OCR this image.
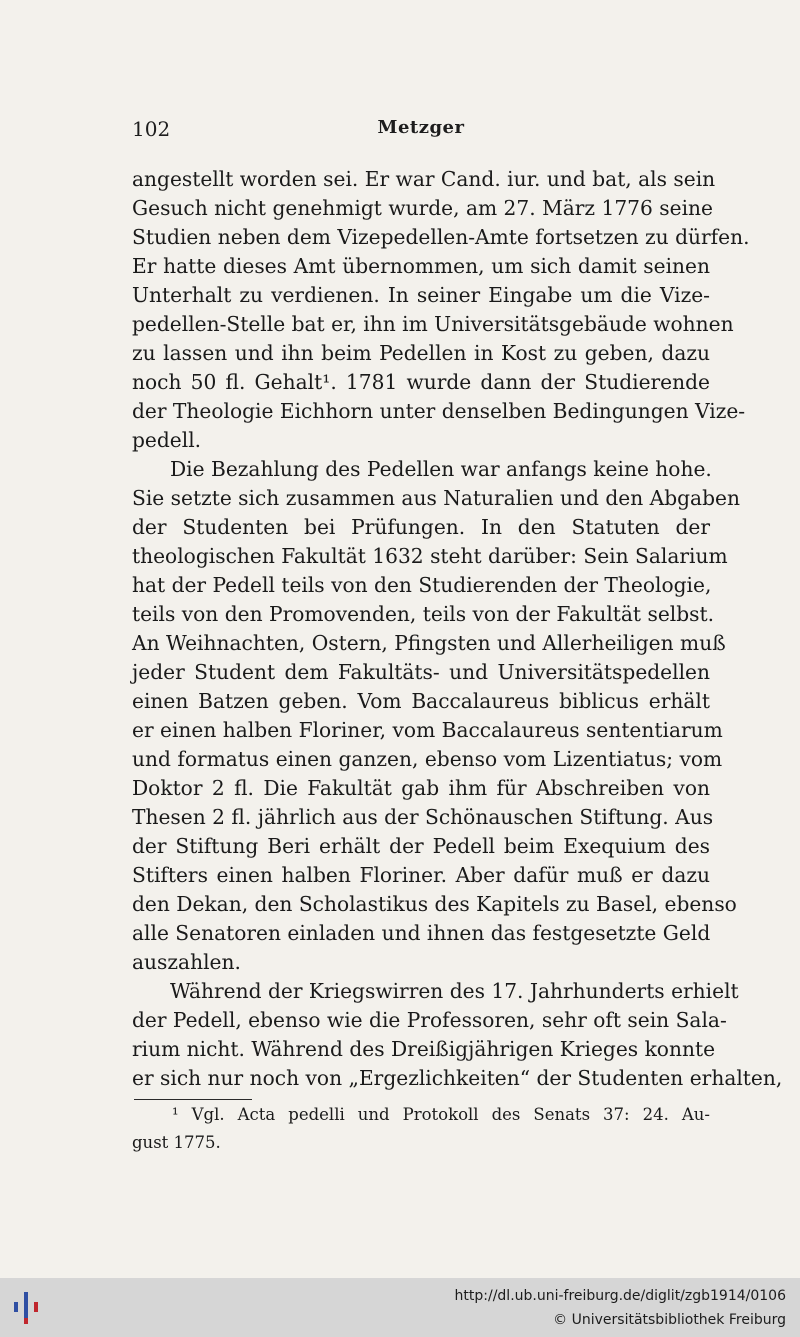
102	Metzger
angestellt worden sei. Er war Cand. iur. und bat, als sein
Gesuch nicht genehmigt wurde, am 27. März 1776 seine
Studien neben dem Vizepedellen-Amte fortsetzen zu dürfen.
Er hatte dieses Amt übernommen, um sich damit seinen
Unterhalt zu verdienen. In seiner Eingabe um die Vize-
pedellen-Stelle bat er, ihn im Universitätsgebäude wohnen
zu lassen und ihn beim Pedellen in Kost zu geben, dazu
noch 50 fl. Gehalt¹. 1781 wurde dann der Studierende
der Theologie Eichhorn unter denselben Bedingungen Vize-
pedell.
Die Bezahlung des Pedellen war anfangs keine hohe.
Sie setzte sich zusammen aus Naturalien und den Abgaben
der Studenten bei Prüfungen. In den Statuten der
theologischen Fakultät 1632 steht darüber: Sein Salarium
hat der Pedell teils von den Studierenden der Theologie,
teils von den Promovenden, teils von der Fakultät selbst.
An Weihnachten, Ostern, Pfingsten und Allerheiligen muß
jeder Student dem Fakultäts- und Universitätspedellen
einen Batzen geben. Vom Baccalaureus biblicus erhält
er einen halben Floriner, vom Baccalaureus sententiarum
und formatus einen ganzen, ebenso vom Lizentiatus; vom
Doktor 2 fl. Die Fakultät gab ihm für Abschreiben von
Thesen 2 fl. jährlich aus der Schönauschen Stiftung. Aus
der Stiftung Beri erhält der Pedell beim Exequium des
Stifters einen halben Floriner. Aber dafür muß er dazu
den Dekan, den Scholastikus des Kapitels zu Basel, ebenso
alle Senatoren einladen und ihnen das festgesetzte Geld
auszahlen.
Während der Kriegswirren des 17. Jahrhunderts erhielt
der Pedell, ebenso wie die Professoren, sehr oft sein Sala-
rium nicht. Während des Dreißigjährigen Krieges konnte
er sich nur noch von „Ergezlichkeiten“ der Studenten erhalten,
¹ Vgl. Acta pedelli und Protokoll des Senats 37: 24. Au-
gust 1775.
http://dl.ub.uni-freiburg.de/diglit/zgb1914/0106
© Universitätsbibliothek Freiburg
